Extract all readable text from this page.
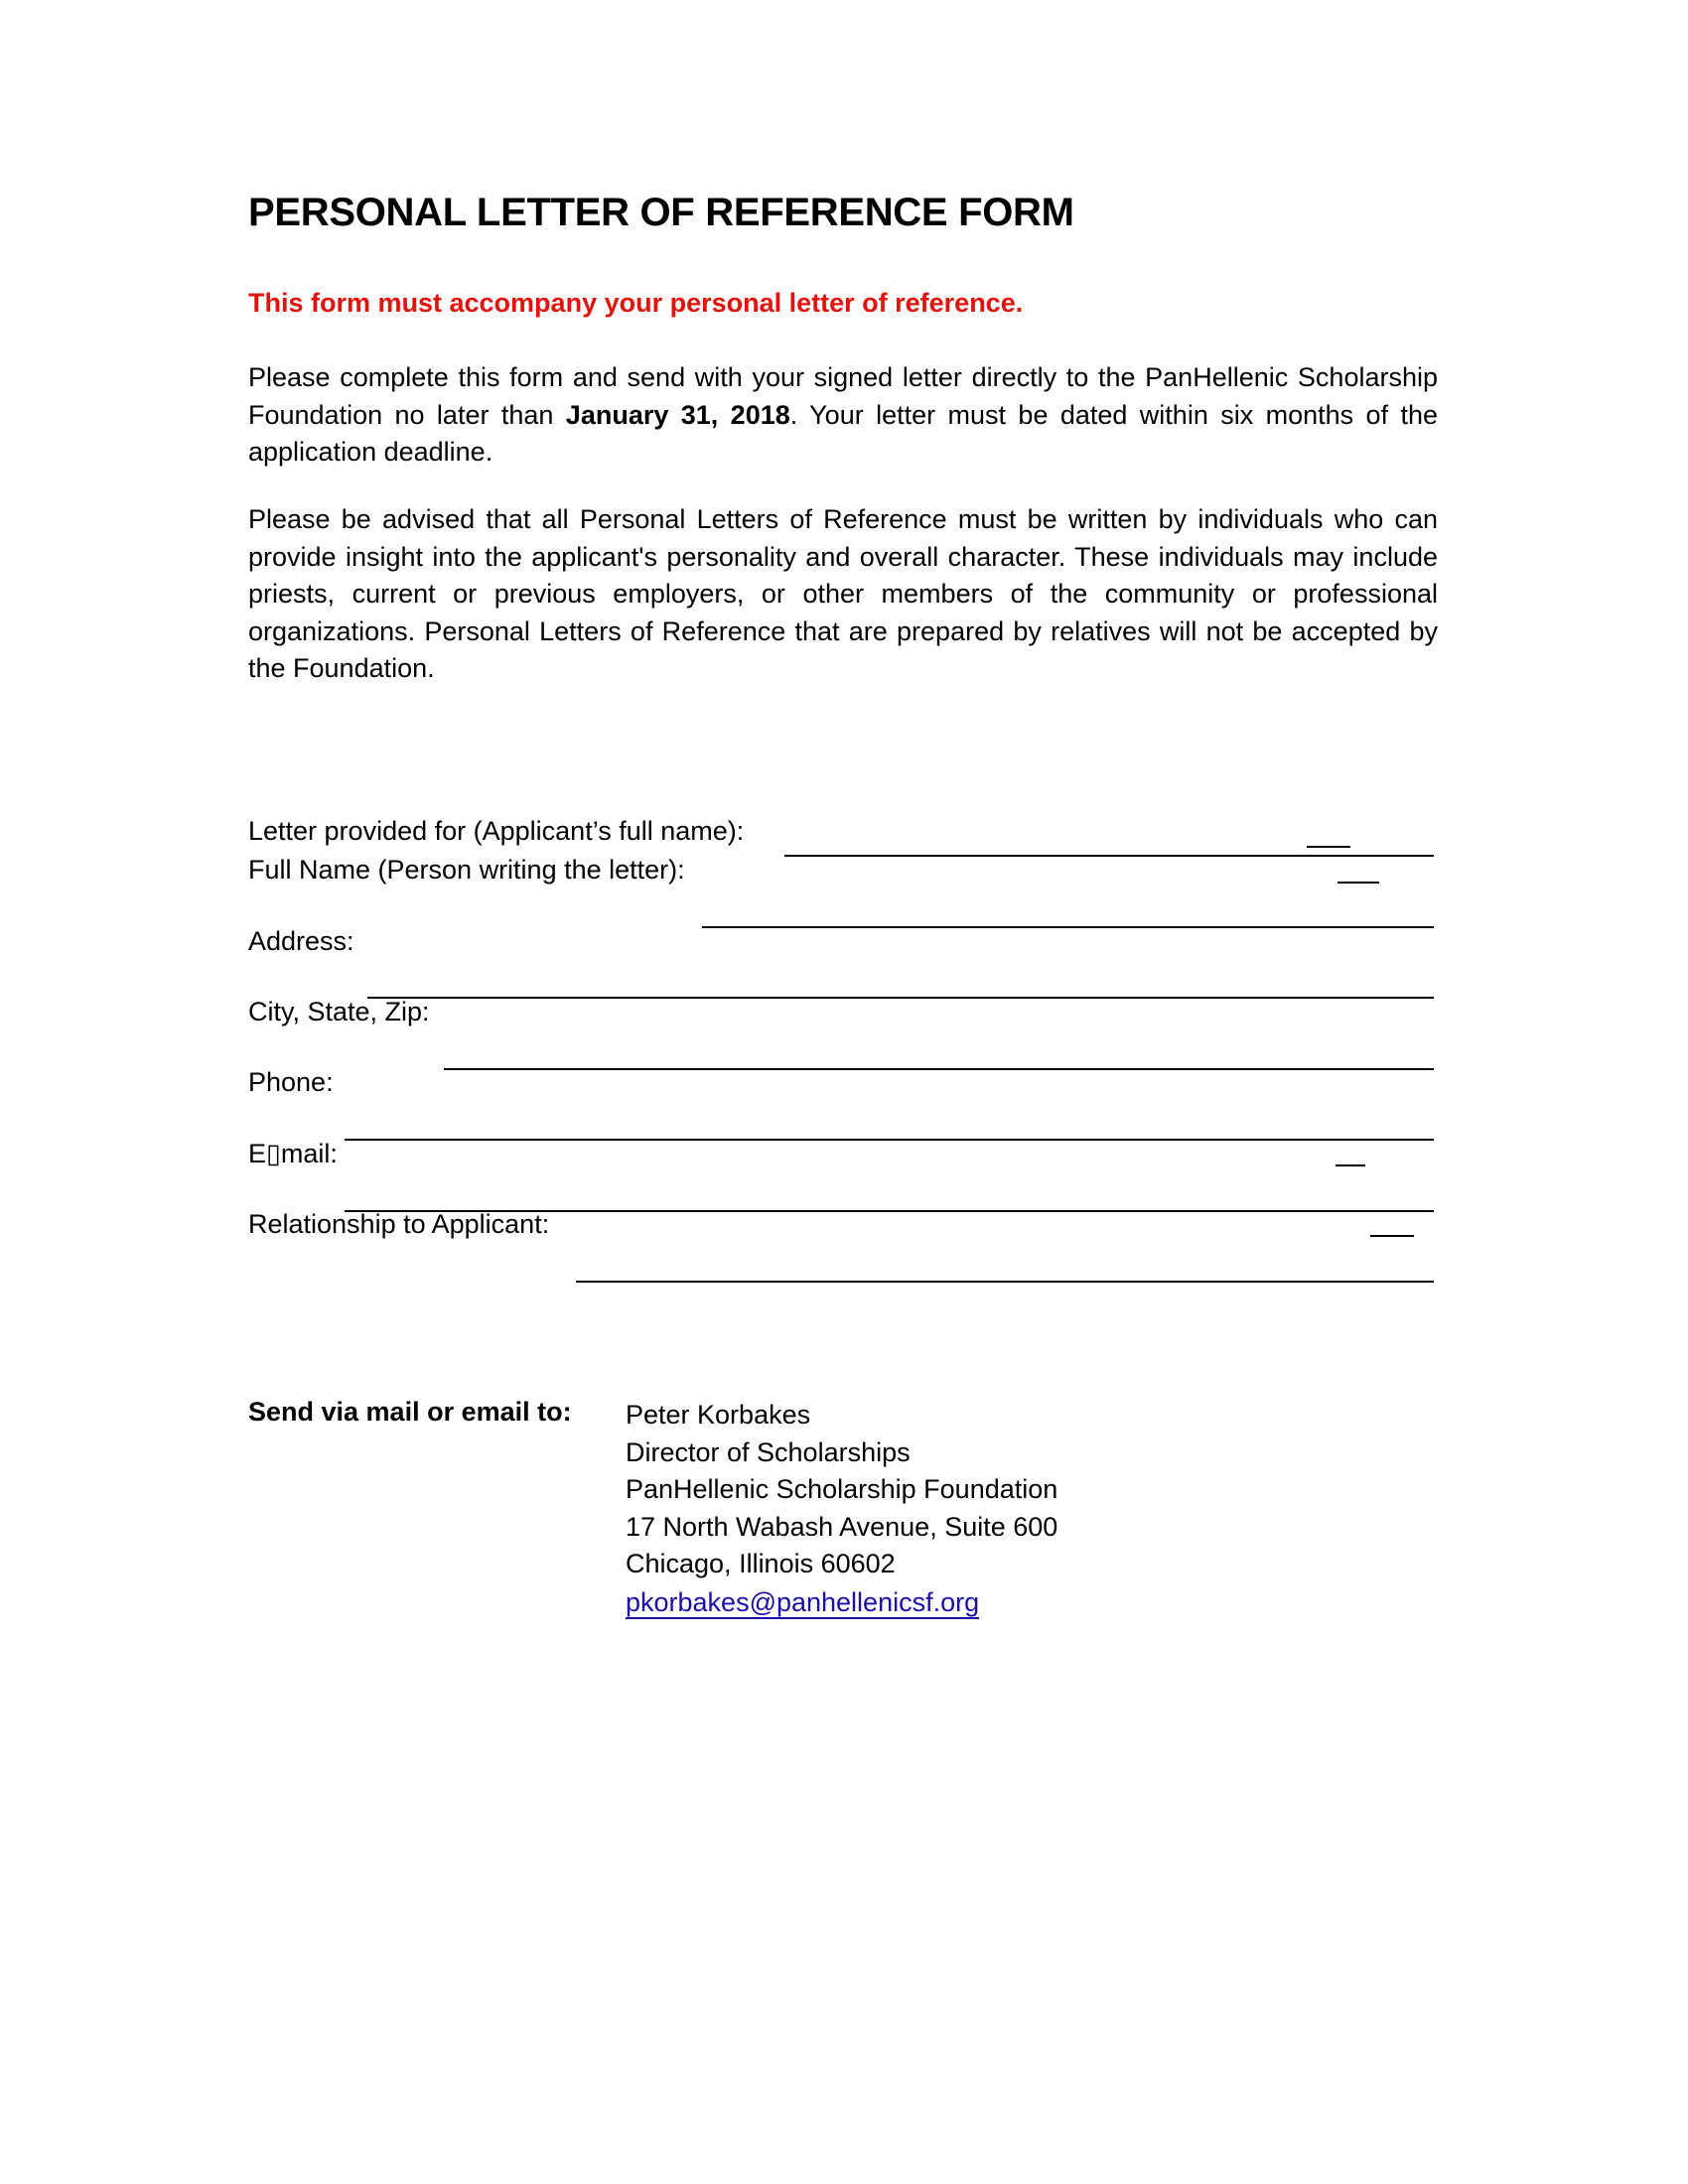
PERSONAL LETTER OF REFERENCE FORM

This form must accompany your personal letter of reference.

Please complete this form and send with your signed letter directly to the PanHellenic Scholarship Foundation no later than January 31, 2018. Your letter must be dated within six months of the application deadline.

Please be advised that all Personal Letters of Reference must be written by individuals who can provide insight into the applicant's personality and overall character. These individuals may include priests, current or previous employers, or other members of the community or professional organizations. Personal Letters of Reference that are prepared by relatives will not be accepted by the Foundation.

Letter provided for (Applicant’s full name):
Full Name (Person writing the letter):
Address:
City, State, Zip:
Phone:
E▯mail:
Relationship to Applicant:
Send via mail or email to: Peter Korbakes
Director of Scholarships
PanHellenic Scholarship Foundation
17 North Wabash Avenue, Suite 600
Chicago, Illinois 60602
pkorbakes@panhellenicsf.org
